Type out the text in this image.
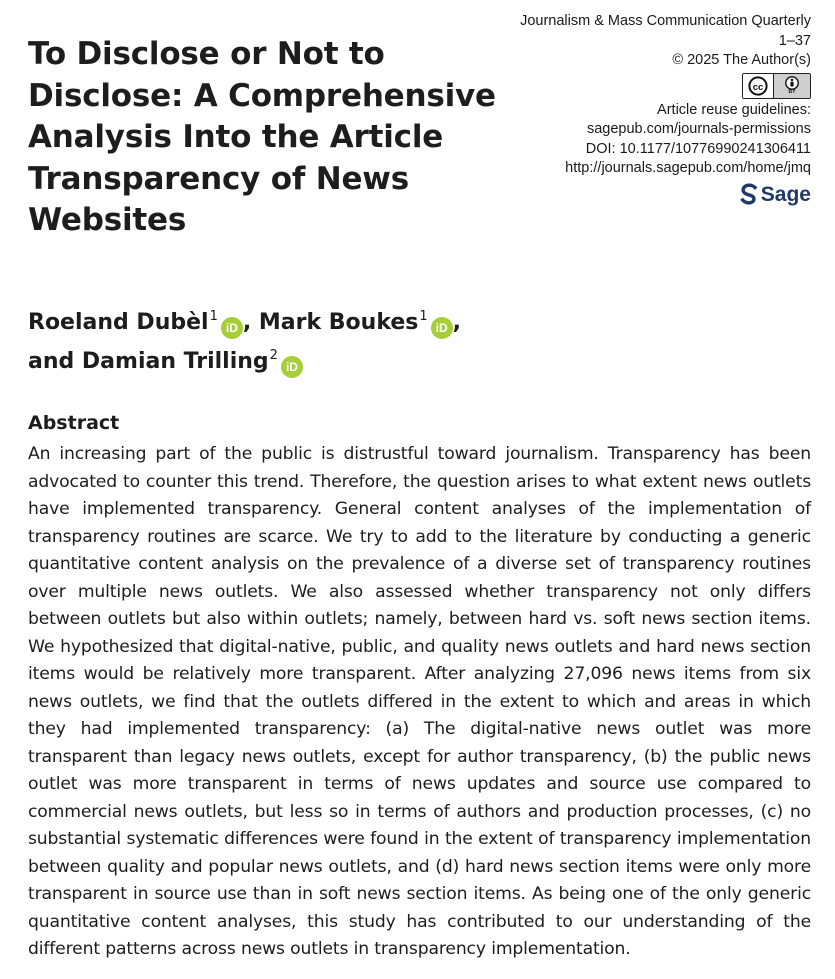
To Disclose or Not to Disclose: A Comprehensive Analysis Into the Article Transparency of News Websites
Journalism & Mass Communication Quarterly
1–37
© 2025 The Author(s)
cc	BY
Article reuse guidelines:
sagepub.com/journals-permissions
DOI: 10.1177/10776990241306411
http://journals.sagepub.com/home/jmq
Sage
Roeland Dubèl$^1$iD , Mark Boukes$^1$iD ,
and Damian Trilling$^2$iD
Abstract

An increasing part of the public is distrustful toward journalism. Transparency has been advocated to counter this trend. Therefore, the question arises to what extent news outlets have implemented transparency. General content analyses of the implementation of transparency routines are scarce. We try to add to the literature by conducting a generic quantitative content analysis on the prevalence of a diverse set of transparency routines over multiple news outlets. We also assessed whether transparency not only differs between outlets but also within outlets; namely, between hard vs. soft news section items. We hypothesized that digital-native, public, and quality news outlets and hard news section items would be relatively more transparent. After analyzing 27,096 news items from six news outlets, we find that the outlets differed in the extent to which and areas in which they had implemented transparency: (a) The digital-native news outlet was more transparent than legacy news outlets, except for author transparency, (b) the public news outlet was more transparent in terms of news updates and source use compared to commercial news outlets, but less so in terms of authors and production processes, (c) no substantial systematic differences were found in the extent of transparency implementation between quality and popular news outlets, and (d) hard news section items were only more transparent in source use than in soft news section items. As being one of the only generic quantitative content analyses, this study has contributed to our understanding of the different patterns across news outlets in transparency implementation.
